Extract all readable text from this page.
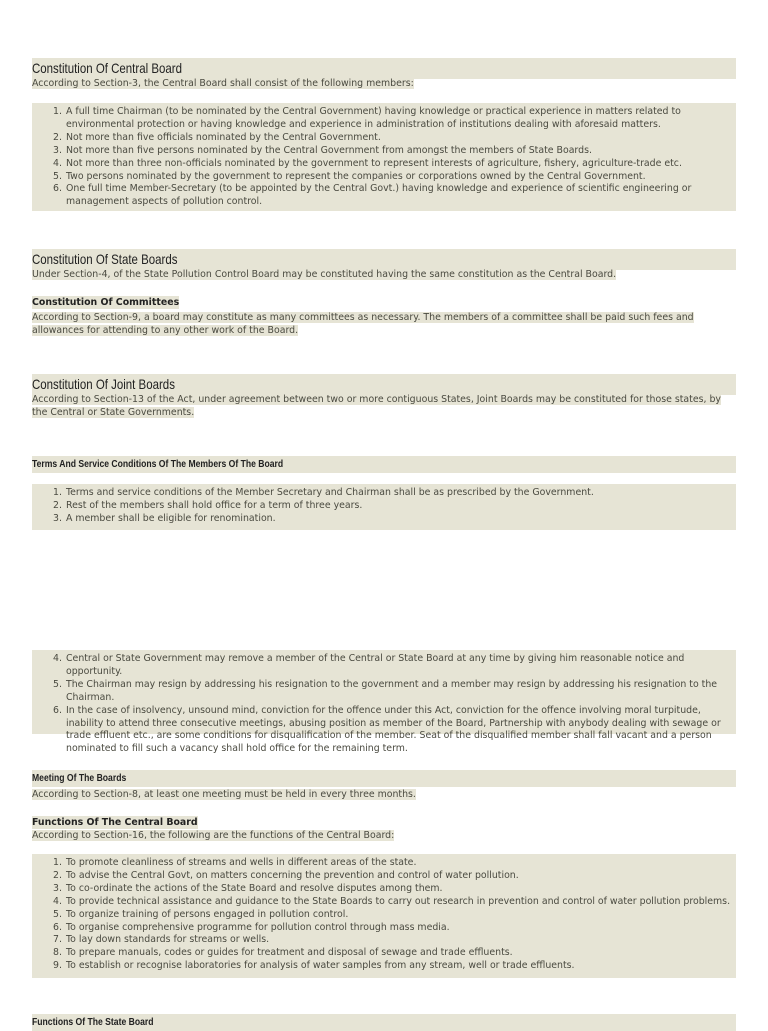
Constitution Of Central Board

According to Section-3, the Central Board shall consist of the following members:

1. A full time Chairman (to be nominated by the Central Government) having knowledge or practical experience in matters related to environmental protection or having knowledge and experience in administration of institutions dealing with aforesaid matters.
2. Not more than five officials nominated by the Central Government.
3. Not more than five persons nominated by the Central Government from amongst the members of State Boards.
4. Not more than three non-officials nominated by the government to represent interests of agriculture, fishery, agriculture-trade etc.
5. Two persons nominated by the government to represent the companies or corporations owned by the Central Government.
6. One full time Member-Secretary (to be appointed by the Central Govt.) having knowledge and experience of scientific engineering or management aspects of pollution control.
Constitution Of State Boards

Under Section-4, of the State Pollution Control Board may be constituted having the same constitution as the Central Board.

Constitution Of Committees

According to Section-9, a board may constitute as many committees as necessary. The members of a committee shall be paid such fees and allowances for attending to any other work of the Board.

Constitution Of Joint Boards

According to Section-13 of the Act, under agreement between two or more contiguous States, Joint Boards may be constituted for those states, by the Central or State Governments.

Terms And Service Conditions Of The Members Of The Board
1. Terms and service conditions of the Member Secretary and Chairman shall be as prescribed by the Government.
2. Rest of the members shall hold office for a term of three years.
3. A member shall be eligible for renomination.
4. Central or State Government may remove a member of the Central or State Board at any time by giving him reasonable notice and opportunity.
5. The Chairman may resign by addressing his resignation to the government and a member may resign by addressing his resignation to the Chairman.
6. In the case of insolvency, unsound mind, conviction for the offence under this Act, conviction for the offence involving moral turpitude, inability to attend three consecutive meetings, abusing position as member of the Board, Partnership with anybody dealing with sewage or trade effluent etc., are some conditions for disqualification of the member. Seat of the disqualified member shall fall vacant and a person nominated to fill such a vacancy shall hold office for the remaining term.
Meeting Of The Boards

According to Section-8, at least one meeting must be held in every three months.

Functions Of The Central Board

According to Section-16, the following are the functions of the Central Board:

1. To promote cleanliness of streams and wells in different areas of the state.
2. To advise the Central Govt, on matters concerning the prevention and control of water pollution.
3. To co-ordinate the actions of the State Board and resolve disputes among them.
4. To provide technical assistance and guidance to the State Boards to carry out research in prevention and control of water pollution problems.
5. To organize training of persons engaged in pollution control.
6. To organise comprehensive programme for pollution control through mass media.
7. To lay down standards for streams or wells.
8. To prepare manuals, codes or guides for treatment and disposal of sewage and trade effluents.
9. To establish or recognise laboratories for analysis of water samples from any stream, well or trade effluents.
Functions Of The State Board
